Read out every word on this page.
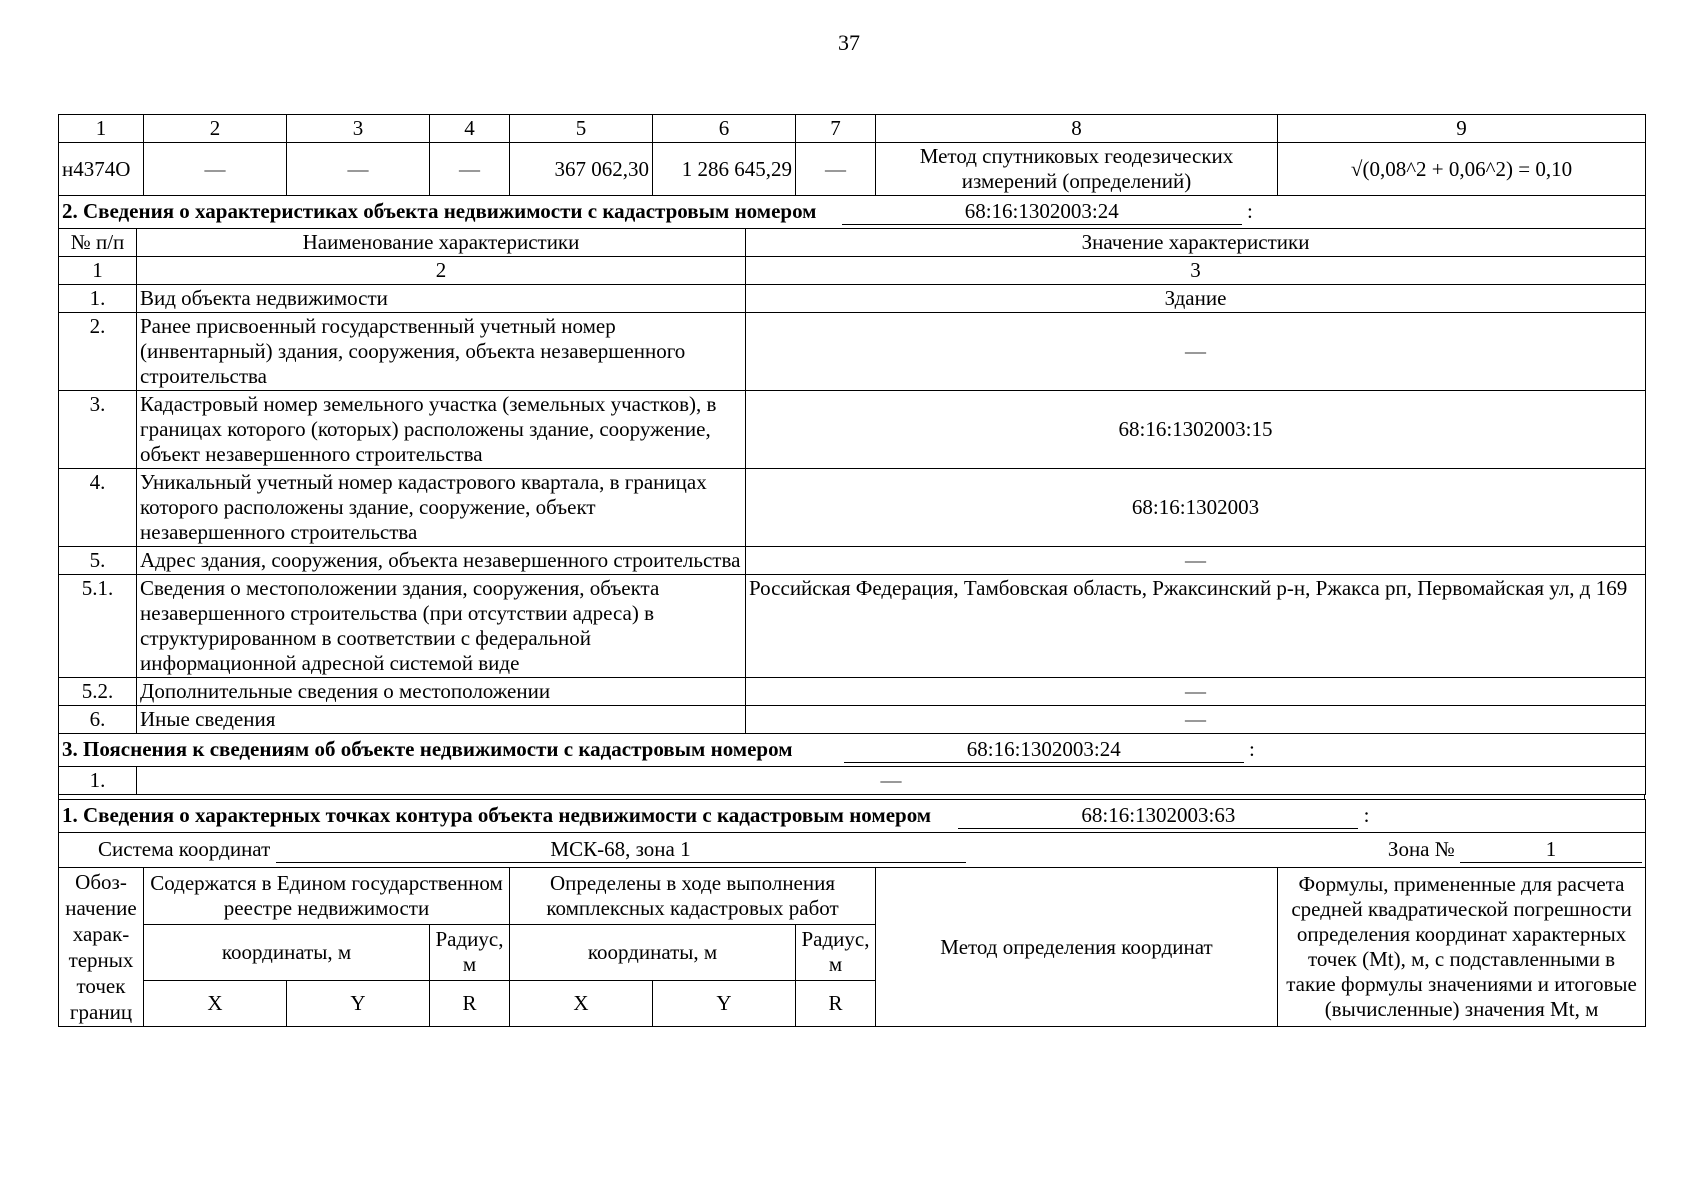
37
1	2	3	4	5	6	7	8	9
н4374О	—	—	—	367 062,30	1 286 645,29	—	Метод спутниковых геодезических измерений (определений)	√(0,08^2 + 0,06^2) = 0,10
2. Сведения о характеристиках объекта недвижимости с кадастровым номером 68:16:1302003:24 :		
№ п/п	Наименование характеристики	Значение характеристики
1	2	3
1.	Вид объекта недвижимости	Здание
2.	Ранее присвоенный государственный учетный номер (инвентарный) здания, сооружения, объекта незавершенного строительства	—
3.	Кадастровый номер земельного участка (земельных участков), в границах которого (которых) расположены здание, сооружение, объект незавершенного строительства	68:16:1302003:15
4.	Уникальный учетный номер кадастрового квартала, в границах которого расположены здание, сооружение, объект незавершенного строительства	68:16:1302003
5.	Адрес здания, сооружения, объекта незавершенного строительства	—
5.1.	Сведения о местоположении здания, сооружения, объекта незавершенного строительства (при отсутствии адреса) в структурированном в соответствии с федеральной информационной адресной системой виде	Российская Федерация, Тамбовская область, Ржаксинский р-н, Ржакса рп, Первомайская ул, д 169
5.2.	Дополнительные сведения о местоположении	—
6.	Иные сведения	—
3. Пояснения к сведениям об объекте недвижимости с кадастровым номером	68:16:1302003:24	:
1.	—
1. Сведения о характерных точках контура объекта недвижимости с кадастровым номером 68:16:1302003:63 :								
Система координат МСК-68, зона 1 Зона № 1								

Обоз-начение харак-терных точек границ	Содержатся в Едином государственном реестре недвижимости			Определены в ходе выполнения комплексных кадастровых работ			Метод определения координат	Формулы, примененные для расчета средней квадратической погрешности определения координат характерных точек (Mt), м, с подставленными в такие формулы значениями и итоговые (вычисленные) значения Mt, м
	координаты, м		Радиус, м	координаты, м		Радиус, м		
	X	Y	R	X	Y	R		
